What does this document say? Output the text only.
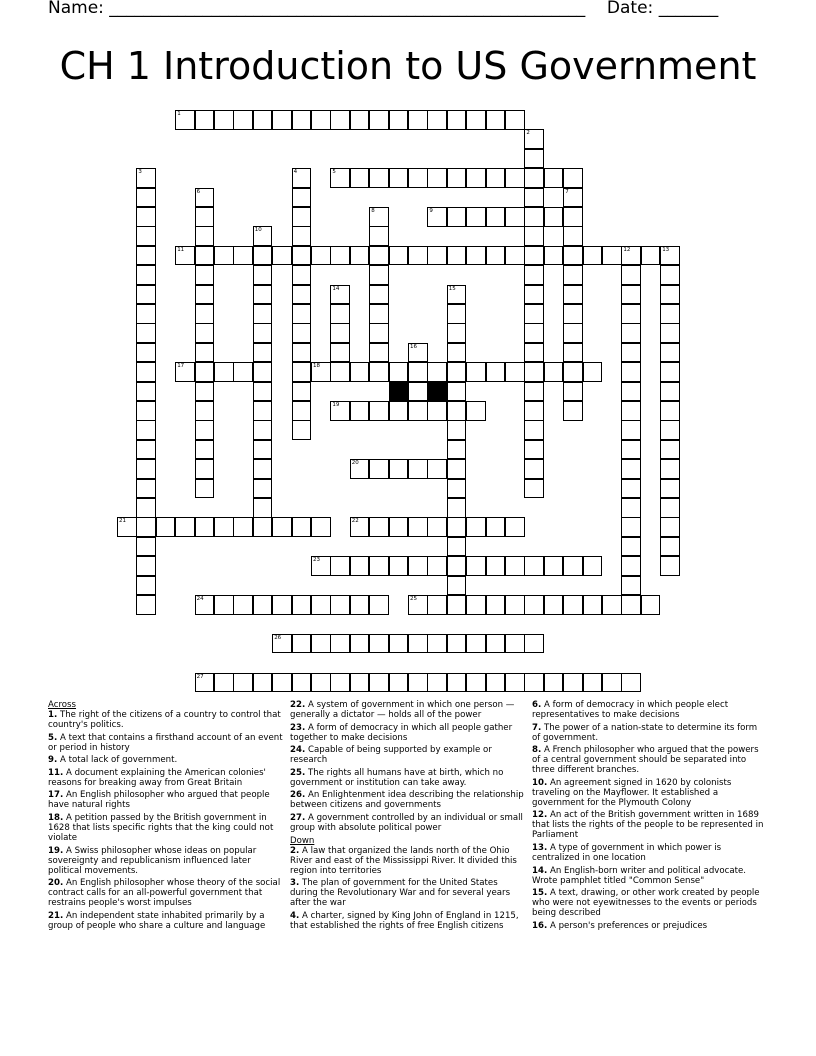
Name: ________________________________________________________ Date: _______
CH 1 Introduction to US Government
1
2
3	4	5
6	7
8	9
10
11	12	13
14	15
16
17	18
19
20
21	22
23
24	25
26
27
Across
1. The right of the citizens of a country to control that country's politics.
5. A text that contains a firsthand account of an event or period in history
9. A total lack of government.
11. A document explaining the American colonies' reasons for breaking away from Great Britain
17. An English philosopher who argued that people have natural rights
18. A petition passed by the British government in 1628 that lists specific rights that the king could not violate
19. A Swiss philosopher whose ideas on popular sovereignty and republicanism influenced later political movements.
20. An English philosopher whose theory of the social contract calls for an all-powerful government that restrains people's worst impulses
21. An independent state inhabited primarily by a group of people who share a culture and language
22. A system of government in which one person — generally a dictator — holds all of the power
23. A form of democracy in which all people gather together to make decisions
24. Capable of being supported by example or research
25. The rights all humans have at birth, which no government or institution can take away.
26. An Enlightenment idea describing the relationship between citizens and governments
27. A government controlled by an individual or small group with absolute political power
Down
2. A law that organized the lands north of the Ohio River and east of the Mississippi River. It divided this region into territories
3. The plan of government for the United States during the Revolutionary War and for several years after the war
4. A charter, signed by King John of England in 1215, that established the rights of free English citizens
6. A form of democracy in which people elect representatives to make decisions
7. The power of a nation-state to determine its form of government.
8. A French philosopher who argued that the powers of a central government should be separated into three different branches.
10. An agreement signed in 1620 by colonists traveling on the Mayflower. It established a government for the Plymouth Colony
12. An act of the British government written in 1689 that lists the rights of the people to be represented in Parliament
13. A type of government in which power is centralized in one location
14. An English-born writer and political advocate. Wrote pamphlet titled "Common Sense"
15. A text, drawing, or other work created by people who were not eyewitnesses to the events or periods being described
16. A person's preferences or prejudices
